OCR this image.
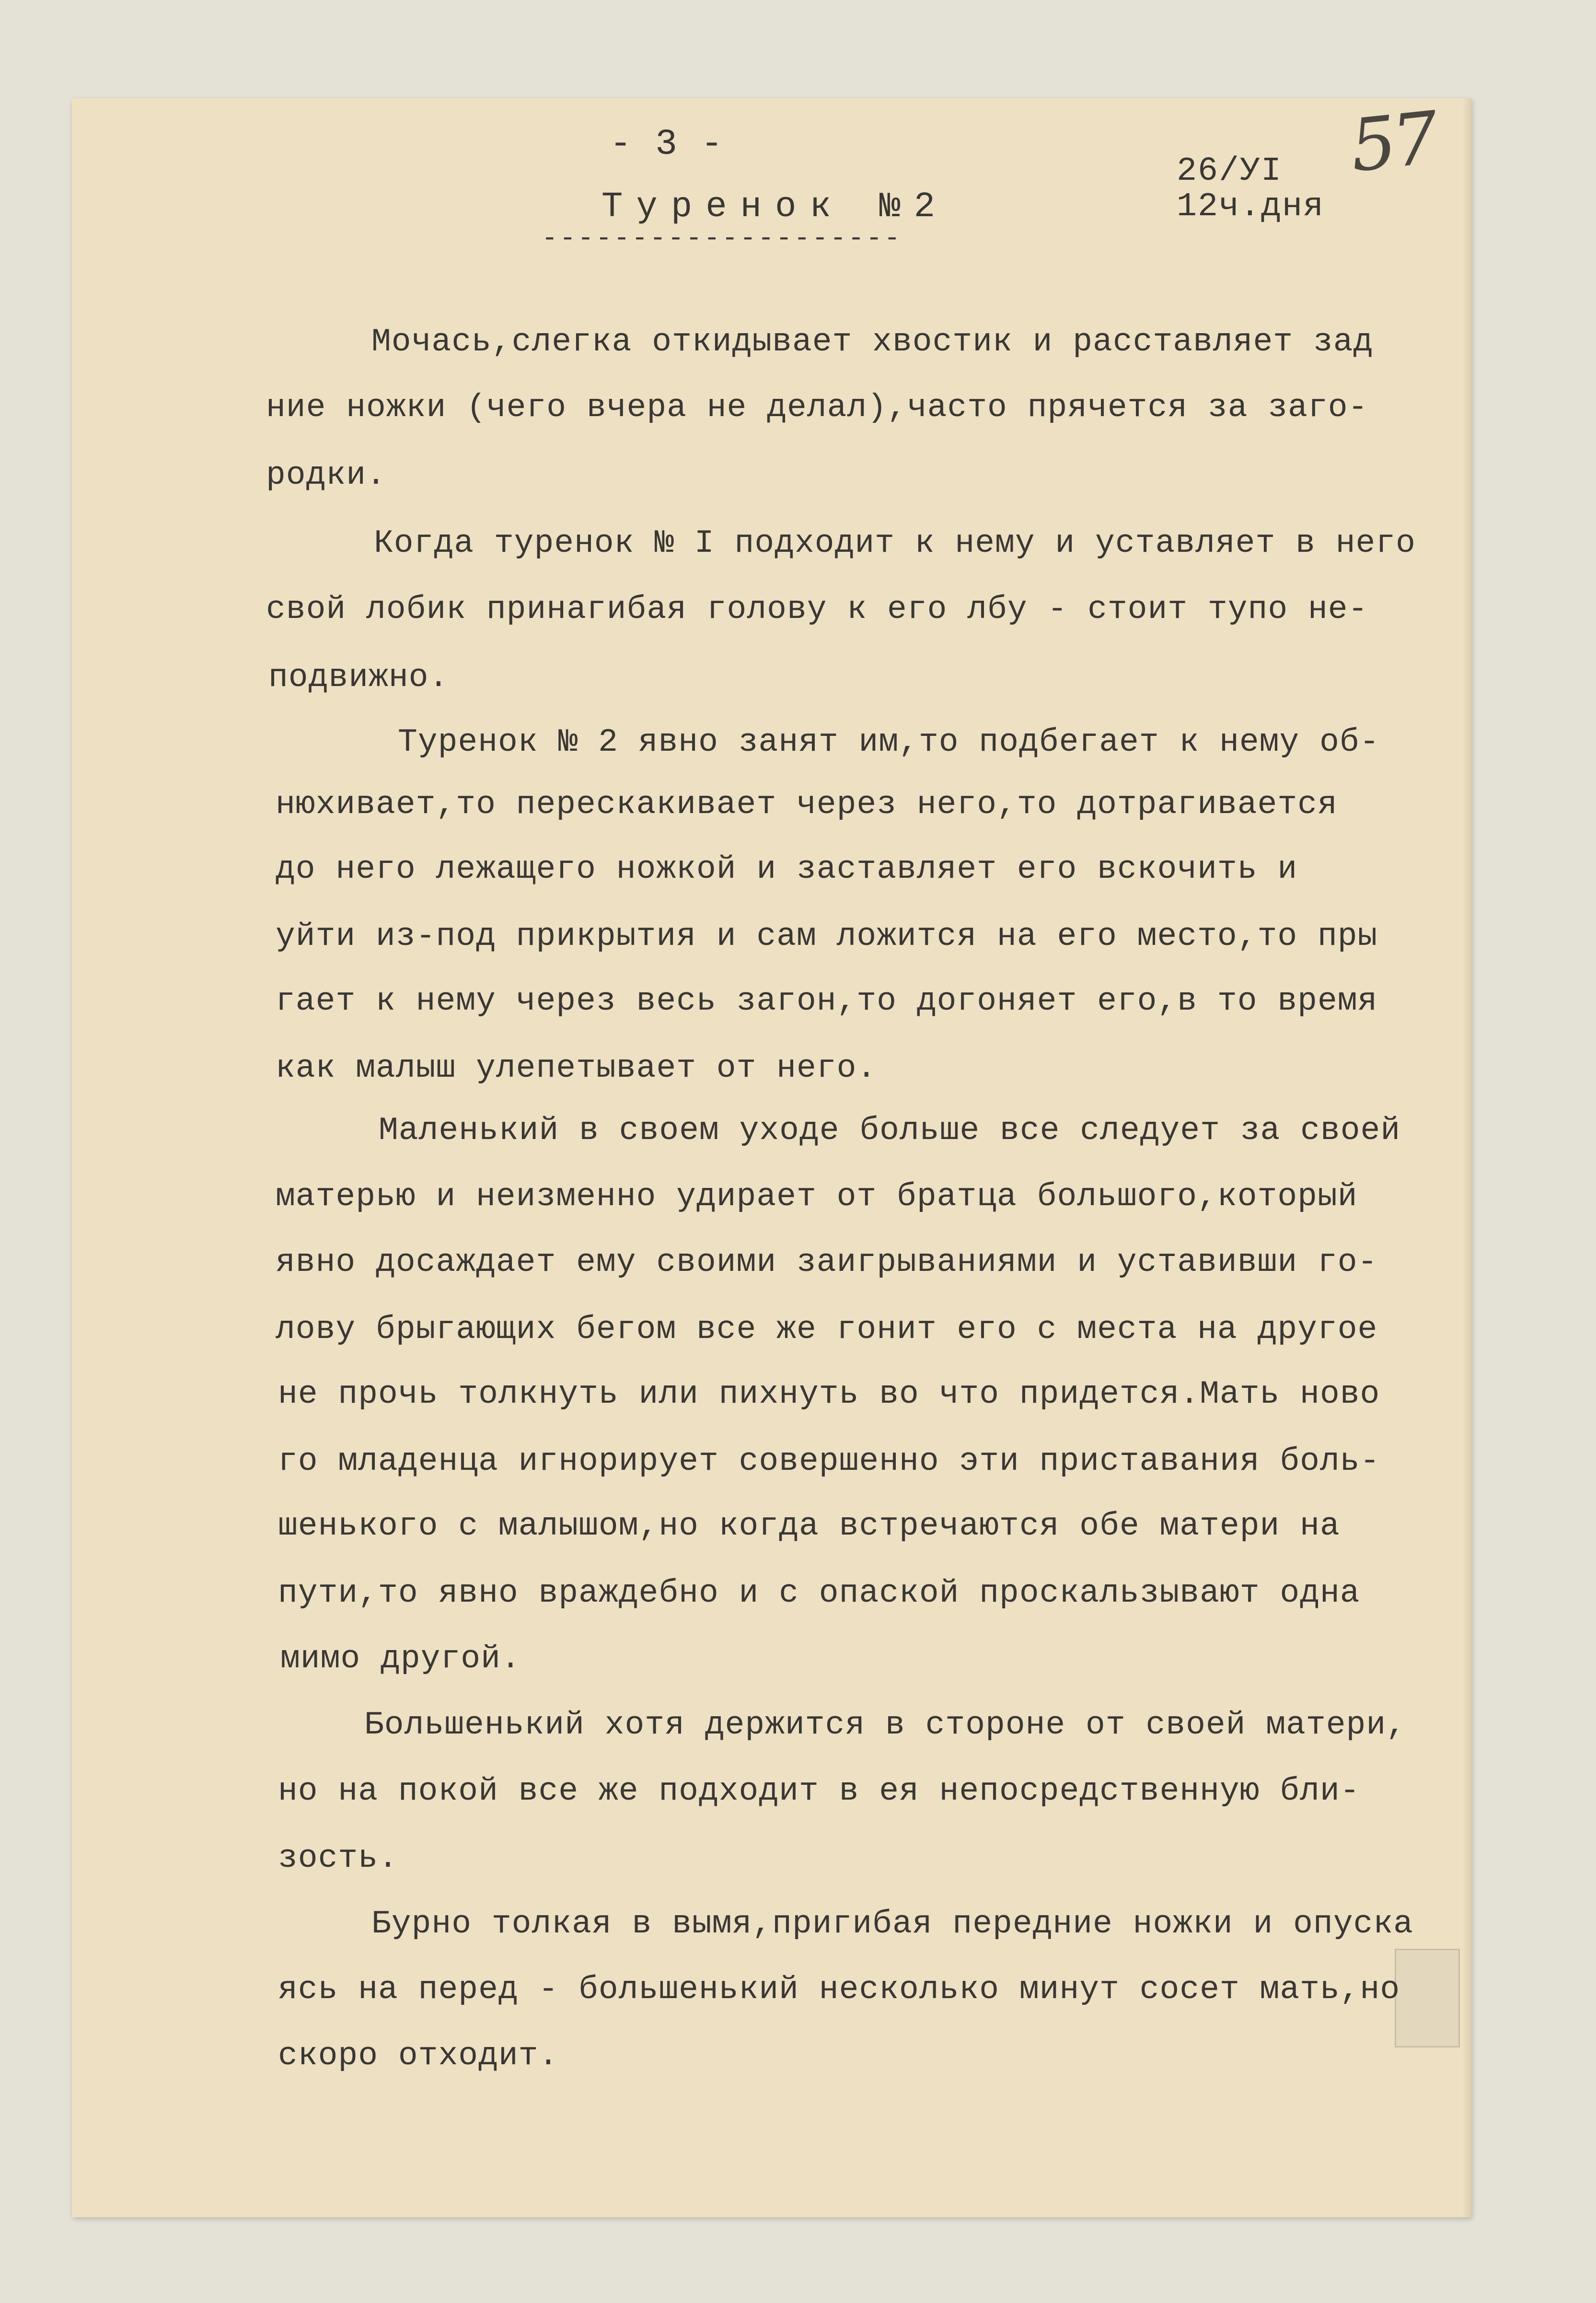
- 3 -
Туренок №2
--------------------
26/УI
12ч.дня
57
Мочась,слегка откидывает хвостик и расставляет зад
ние ножки (чего вчера не делал),часто прячется за заго-
родки.
Когда туренок № I подходит к нему и уставляет в него
свой лобик принагибая голову к его лбу - стоит тупо не-
подвижно.
Туренок № 2 явно занят им,то подбегает к нему об-
нюхивает,то перескакивает через него,то дотрагивается
до него лежащего ножкой и заставляет его вскочить и
уйти из-под прикрытия и сам ложится на его место,то пры
гает к нему через весь загон,то догоняет его,в то время
как малыш улепетывает от него.
Маленький в своем уходе больше все следует за своей
матерью и неизменно удирает от братца большого,который
явно досаждает ему своими заигрываниями и уставивши го-
лову брыгающих бегом все же гонит его с места на другое
не прочь толкнуть или пихнуть во что придется.Мать ново
го младенца игнорирует совершенно эти приставания боль-
шенького с малышом,но когда встречаются обе матери на
пути,то явно враждебно и с опаской проскальзывают одна
мимо другой.
Большенький хотя держится в стороне от своей матери,
но на покой все же подходит в ея непосредственную бли-
зость.
Бурно толкая в вымя,пригибая передние ножки и опуска
ясь на перед - большенький несколько минут сосет мать,но
скоро отходит.
